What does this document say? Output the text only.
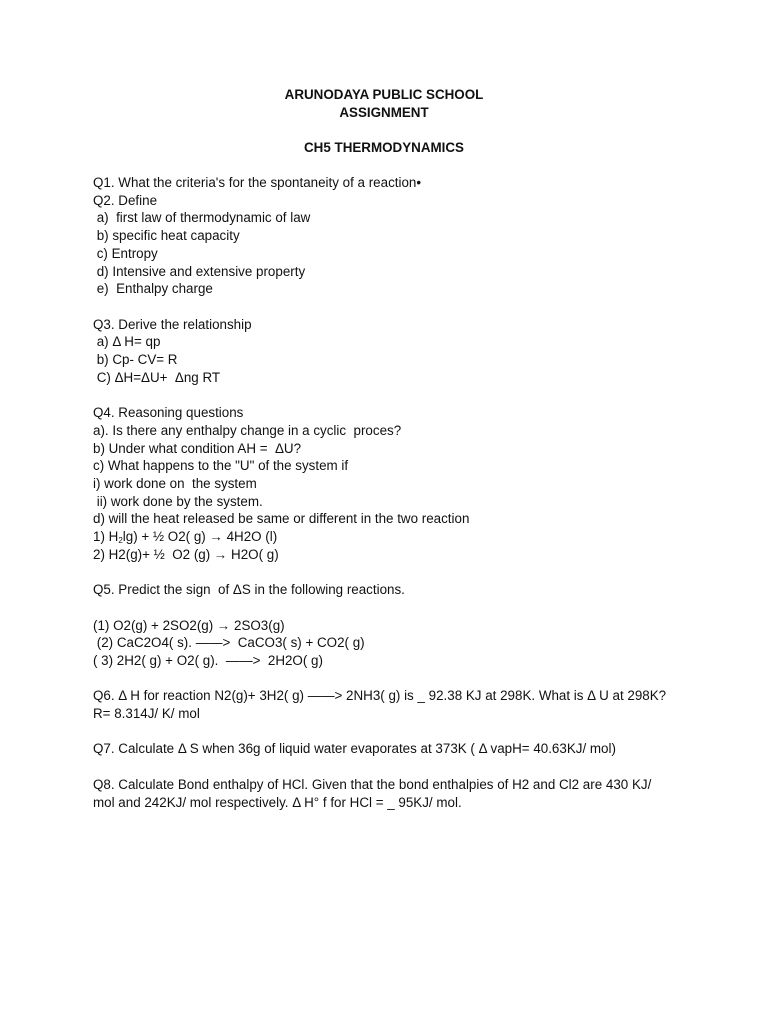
ARUNODAYA PUBLIC SCHOOL
ASSIGNMENT
CH5 THERMODYNAMICS
Q1. What the criteria's for the spontaneity of a reaction•
Q2. Define
a)  first law of thermodynamic of law
b) specific heat capacity
c) Entropy
d) Intensive and extensive property
e)  Enthalpy charge
Q3. Derive the relationship
a) Δ H= qp
b) Cp- CV= R
C) ΔH=ΔU+  Δng RT
Q4. Reasoning questions
a). Is there any enthalpy change in a cyclic  proces?
b) Under what condition AH =  ΔU?
c) What happens to the "U" of the system if
i) work done on  the system
ii) work done by the system.
d) will the heat released be same or different in the two reaction
1) $H_2\lg$) + ½ O2( g) → 4H2O (l)
2) H2(g)+ ½  O2 (g) → H2O( g)
Q5. Predict the sign  of ΔS in the following reactions.
(1) O2(g) + 2SO2(g) → 2SO3(g)
(2) CaC2O4( s). ——>  CaCO3( s) + CO2( g)
( 3) 2H2( g) + O2( g).  ——>  2H2O( g)
Q6. Δ H for reaction N2(g)+ 3H2( g) ——> 2NH3( g) is _ 92.38 KJ at 298K. What is Δ U at 298K? R= 8.314J/ K/ mol
Q7. Calculate Δ S when 36g of liquid water evaporates at 373K ( Δ vapH= 40.63KJ/ mol)
Q8. Calculate Bond enthalpy of HCl. Given that the bond enthalpies of H2 and Cl2 are 430 KJ/ mol and 242KJ/ mol respectively. Δ H° f for HCl = _ 95KJ/ mol.
